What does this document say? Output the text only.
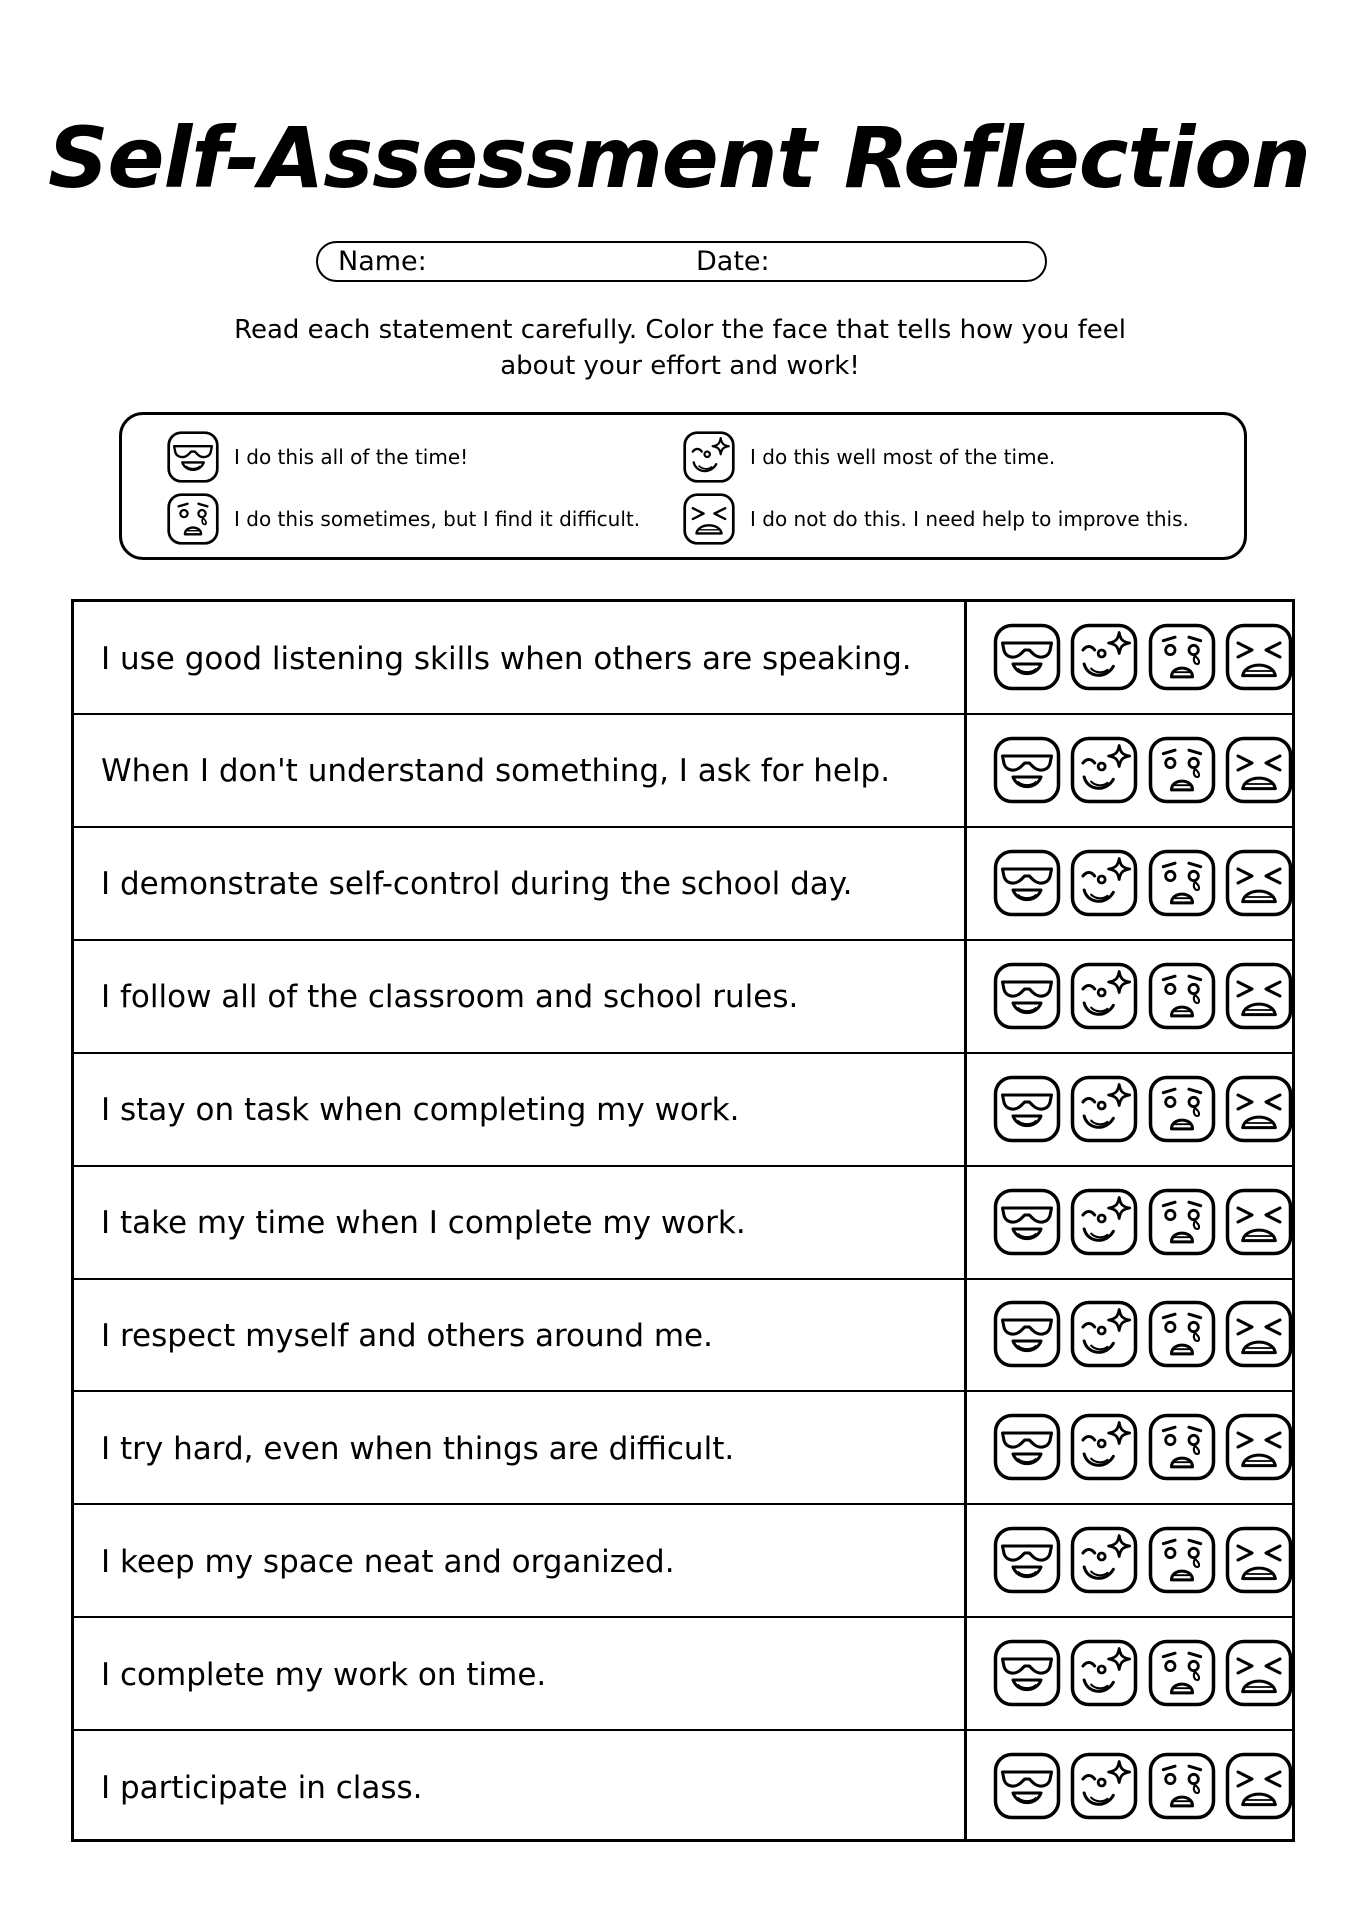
Self-Assessment Reflection
Name:	Date:
Read each statement carefully. Color the face that tells how you feel
about your effort and work!
I do this all of the time!	I do this well most of the time.
I do this sometimes, but I find it difficult.	I do not do this. I need help to improve this.
I use good listening skills when others are speaking.
When I don't understand something, I ask for help.
I demonstrate self-control during the school day.
I follow all of the classroom and school rules.
I stay on task when completing my work.
I take my time when I complete my work.
I respect myself and others around me.
I try hard, even when things are difficult.
I keep my space neat and organized.
I complete my work on time.
I participate in class.
